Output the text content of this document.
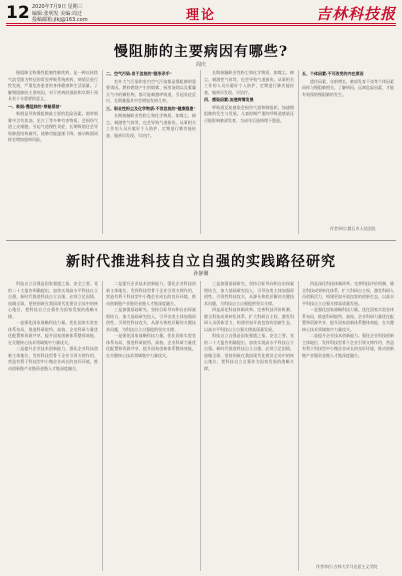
12 2020年7月9日 星期三
编辑:张明发 美编:周迁
投稿邮箱:jlkj@163.com	理论	吉林科技报
慢阻肺的主要病因有哪些?
周庆
慢阻肺全称慢性阻塞性肺疾病，是一种以持续气流受限为特征的常见呼吸系统疾病，病情呈进行性发展，严重危害患者的身体健康和生活质量。了解慢阻肺的主要病因，对于疾病的预防和早期干预具有十分重要的意义。
一、吸烟:慢阻肺的"罪魁祸首"
吸烟是导致慢阻肺最主要的危险因素。烟草烟雾中含有焦油、尼古丁等多种有害物质，会损伤气道上皮细胞，引起气道慢性炎症，长期吸烟还会导致肺泡结构破坏，使肺功能逐渐下降。被动吸烟同样会增加患病风险。
二、空气污染:易于忽视的"隐形杀手"
室外大气污染和室内空气污染都是慢阻肺的重要诱因。燃料燃烧产生的烟雾、厨房油烟以及雾霾天气中的颗粒物，都可能刺激呼吸道，引起炎症反应，长期暴露其中会增加发病几率。
三、职业性粉尘及化学物质:不容忽视的"健康隐患"
长期接触职业性粉尘和化学物质，如煤尘、棉尘、刺激性气体等，也会导致气道损伤。从事相关工作的人员应做好个人防护，定期进行肺功能检查，做到早发现、早治疗。
长期接触职业性粉尘和化学物质，如煤尘、棉尘、刺激性气体等，也会导致气道损伤。从事相关工作的人员应做好个人防护，定期进行肺功能检查，做到早发现、早治疗。
四、感染因素:加速病情发展
呼吸道反复感染会损伤气道和肺组织，加速慢阻肺的发生与发展。儿童时期严重的呼吸道感染还可能影响肺部发育，为成年后患病埋下隐患。
五、个体因素:不可改变的内在原因
遗传因素、年龄增长、肺部发育不良等个体因素同样与慢阻肺相关。了解病因，远离危险因素，才能有效预防慢阻肺的发生。
作者单位:磐石市人民医院
新时代推进科技自立自强的实践路径研究
孙静馨
科技自立自强是国家强盛之基、安全之要。党的二十大报告明确提出，加快实现高水平科技自立自强。新时代推进科技自立自强，必须立足国情、放眼全球，坚持创新在我国现代化建设全局中的核心地位，把科技自立自强作为国家发展的战略支撑。
一是强化国家战略科技力量。优化国家实验室体系布局，推进科研院所、高校、企业科研力量优化配置和资源共享，提升国家创新体系整体效能，在关键核心技术领域集中力量攻关。
二是提升企业技术创新能力。强化企业科技创新主体地位，发挥科技型骨干企业引领支撑作用，营造有利于科技型中小微企业成长的良好环境，推动创新链产业链资金链人才链深度融合。
二是提升企业技术创新能力。强化企业科技创新主体地位，发挥科技型骨干企业引领支撑作用，营造有利于科技型中小微企业成长的良好环境，推动创新链产业链资金链人才链深度融合。
三是加强基础研究。坚持目标导向和自由探索相结合，加大基础研究投入，引导各类主体加强原创性、引领性科技攻关，从源头和底层解决关键技术问题，为科技自立自强提供坚实支撑。
一是强化国家战略科技力量。优化国家实验室体系布局，推进科研院所、高校、企业科研力量优化配置和资源共享，提升国家创新体系整体效能，在关键核心技术领域集中力量攻关。
三是加强基础研究。坚持目标导向和自由探索相结合，加大基础研究投入，引导各类主体加强原创性、引领性科技攻关，从源头和底层解决关键技术问题，为科技自立自强提供坚实支撑。
四是深化科技体制改革。完善科技评价机制，健全科技成果转化体系，扩大科研自主权，激发科研人员创新活力，构建更加开放包容的创新生态，以高水平科技自立自强支撑高质量发展。
科技自立自强是国家强盛之基、安全之要。党的二十大报告明确提出，加快实现高水平科技自立自强。新时代推进科技自立自强，必须立足国情、放眼全球，坚持创新在我国现代化建设全局中的核心地位，把科技自立自强作为国家发展的战略支撑。
四是深化科技体制改革。完善科技评价机制，健全科技成果转化体系，扩大科研自主权，激发科研人员创新活力，构建更加开放包容的创新生态，以高水平科技自立自强支撑高质量发展。
一是强化国家战略科技力量。优化国家实验室体系布局，推进科研院所、高校、企业科研力量优化配置和资源共享，提升国家创新体系整体效能，在关键核心技术领域集中力量攻关。
二是提升企业技术创新能力。强化企业科技创新主体地位，发挥科技型骨干企业引领支撑作用，营造有利于科技型中小微企业成长的良好环境，推动创新链产业链资金链人才链深度融合。
作者单位:吉林大学马克思主义学院
